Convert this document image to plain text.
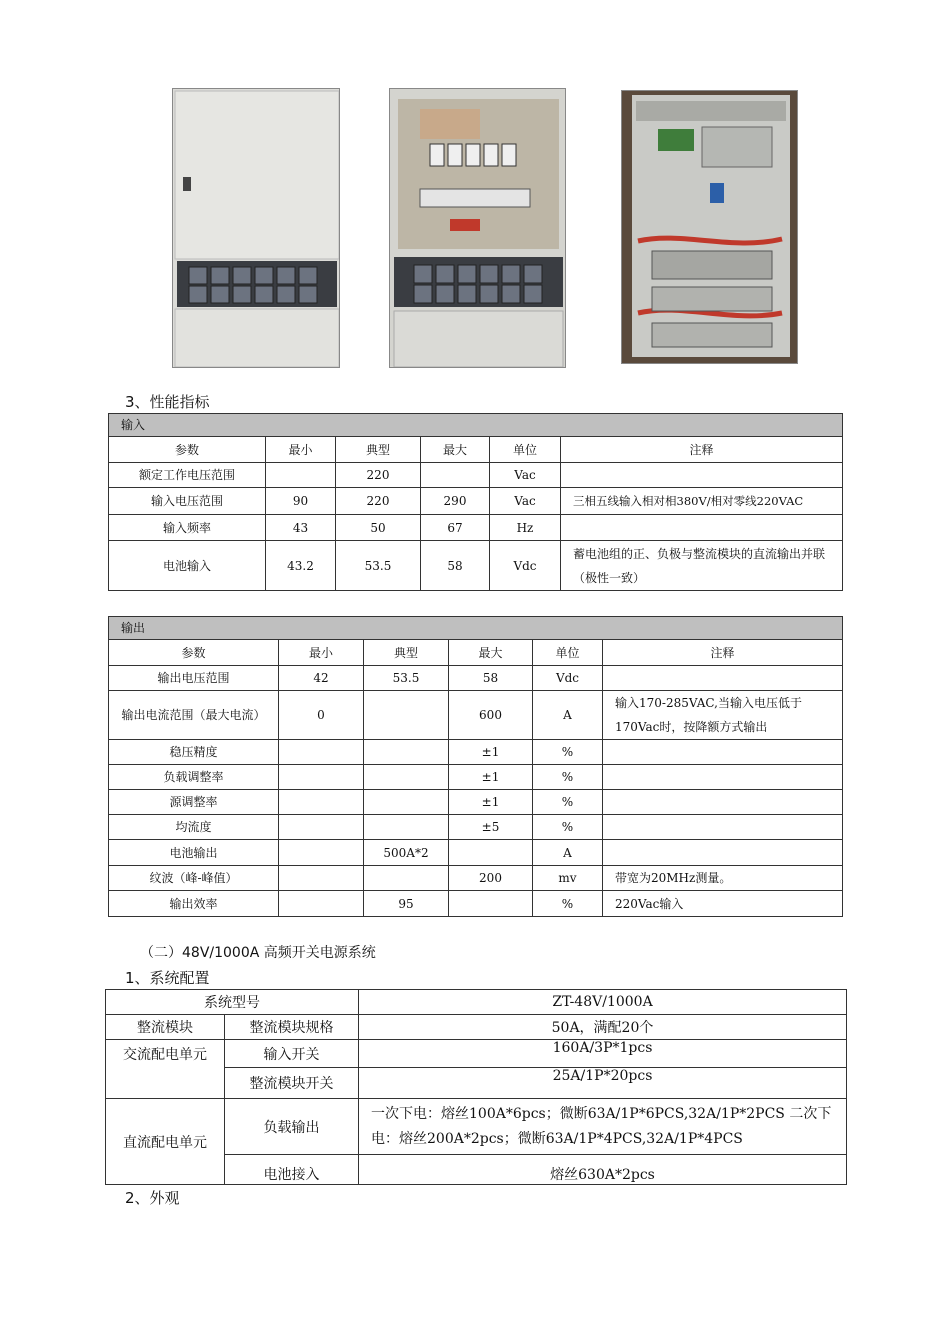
3、性能指标
输入					
参数	最小	典型	最大	单位	注释
额定工作电压范围		220		Vac	
输入电压范围	90	220	290	Vac	三相五线输入相对相380V/相对零线220VAC
输入频率	43	50	67	Hz	
电池输入	43.2	53.5	58	Vdc	蓄电池组的正、负极与整流模块的直流输出并联（极性一致）
输出					
参数	最小	典型	最大	单位	注释
输出电压范围	42	53.5	58	Vdc	
输出电流范围（最大电流）	0		600	A	输入170-285VAC,当输入电压低于170Vac时，按降额方式输出
稳压精度			±1	%	
负载调整率			±1	%	
源调整率			±1	%	
均流度			±5	%	
电池输出		500A*2		A	
纹波（峰-峰值）			200	mv	带宽为20MHz测量。
输出效率		95		%	220Vac输入
（二）48V/1000A 高频开关电源系统
1、系统配置
系统型号		ZT-48V/1000A
整流模块	整流模块规格	50A，满配20个
交流配电单元	输入开关	160A/3P*1pcs
	整流模块开关	25A/1P*20pcs
直流配电单元	负载输出	一次下电：熔丝100A*6pcs；微断63A/1P*6PCS,32A/1P*2PCS 二次下电：熔丝200A*2pcs；微断63A/1P*4PCS,32A/1P*4PCS
	电池接入	熔丝630A*2pcs
2、外观
